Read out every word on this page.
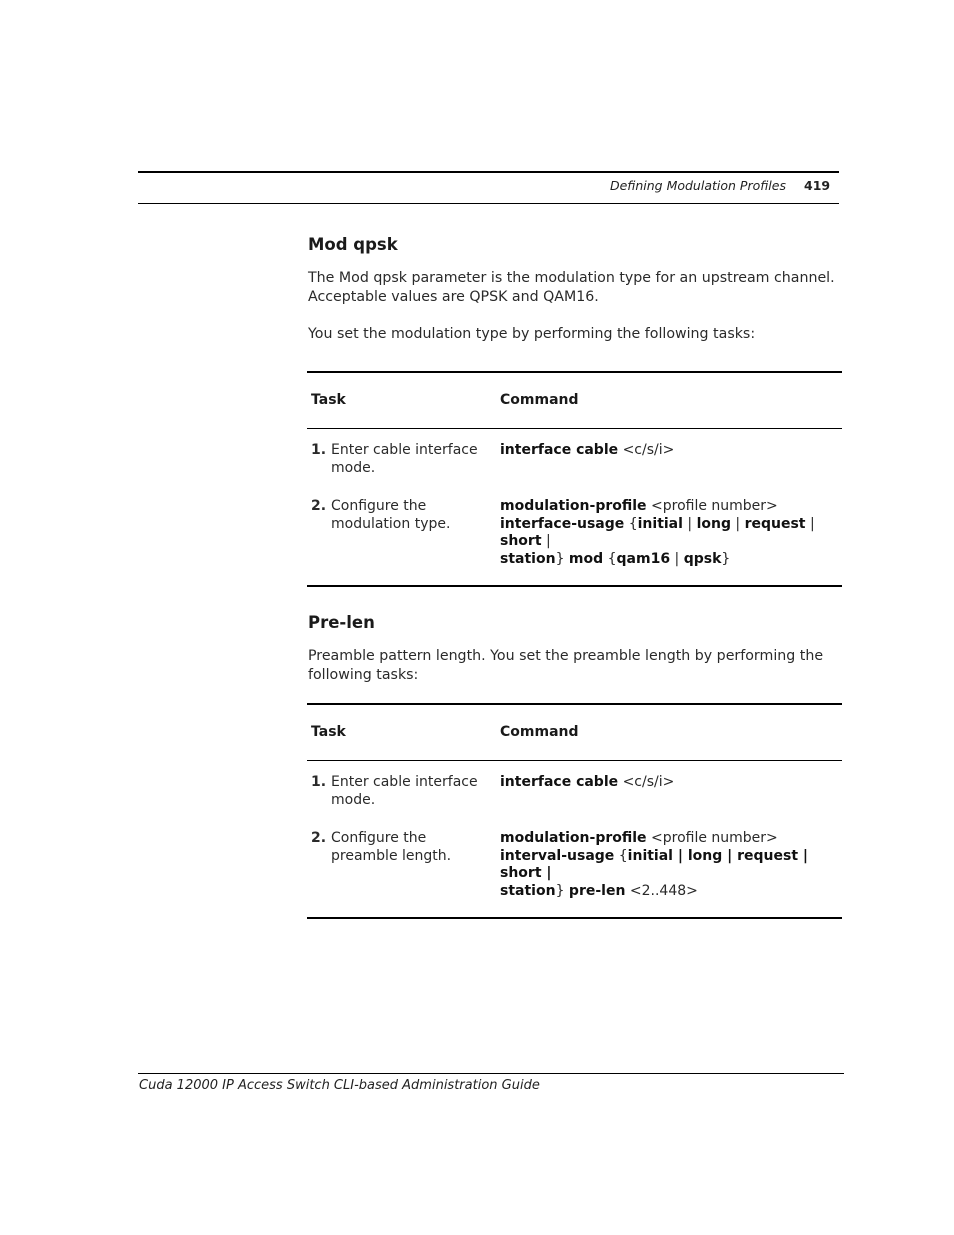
Defining Modulation Profiles 419
Mod qpsk

The Mod qpsk parameter is the modulation type for an upstream channel.
Acceptable values are QPSK and QAM16.

You set the modulation type by performing the following tasks:

Task	Command
1. Enter cable interface
mode.	interface cable <c/s/i>
2. Configure the
modulation type.	modulation-profile <profile number>
interface-usage {initial | long | request | short |
station} mod {qam16 | qpsk}
Pre-len

Preamble pattern length. You set the preamble length by performing the
following tasks:

Task	Command
1. Enter cable interface
mode.	interface cable <c/s/i>
2. Configure the
preamble length.	modulation-profile <profile number>
interval-usage {initial | long | request | short |
station} pre-len <2..448>
Cuda 12000 IP Access Switch CLI-based Administration Guide
